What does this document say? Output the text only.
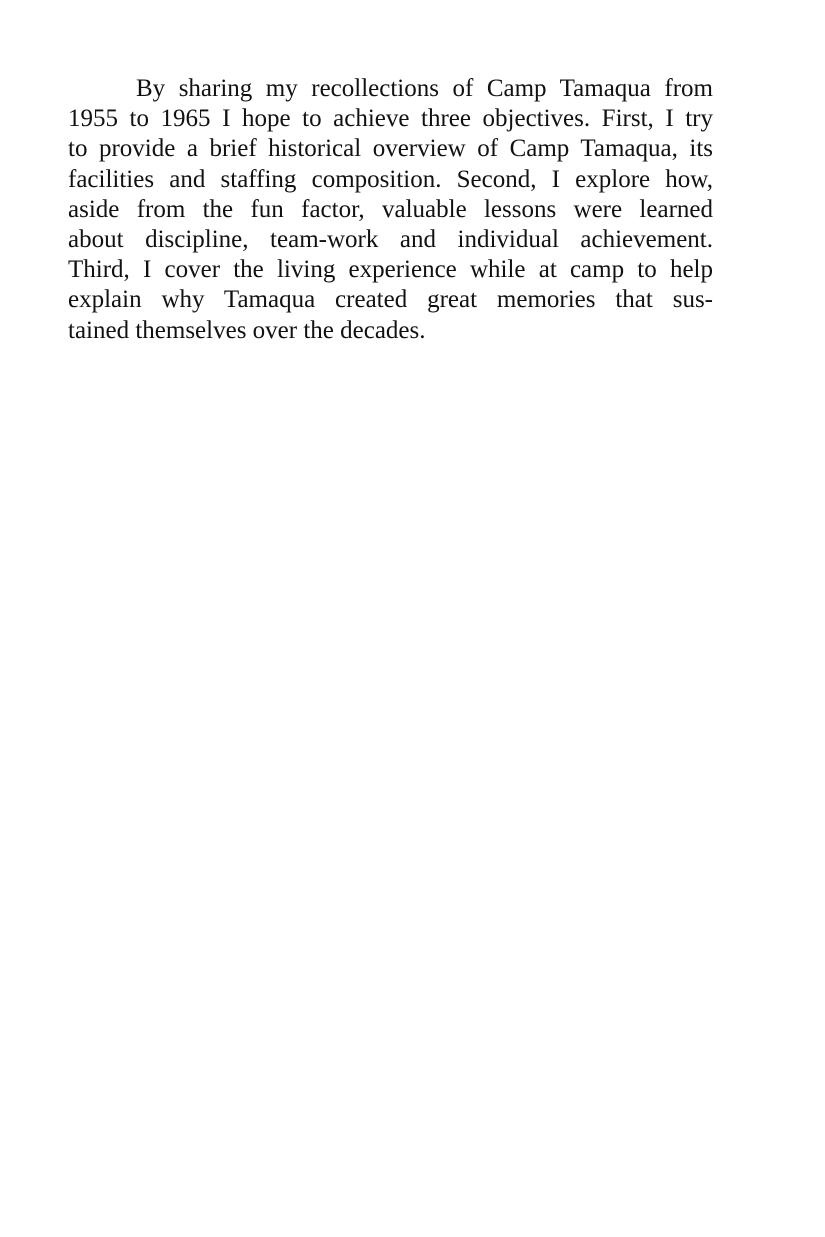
By sharing my recollections of Camp Tamaqua from
1955 to 1965 I hope to achieve three objectives. First, I try
to provide a brief historical overview of Camp Tamaqua, its
facilities and staffing composition. Second, I explore how,
aside from the fun factor, valuable lessons were learned
about discipline, team-work and individual achievement.
Third, I cover the living experience while at camp to help
explain why Tamaqua created great memories that sus-
tained themselves over the decades.
